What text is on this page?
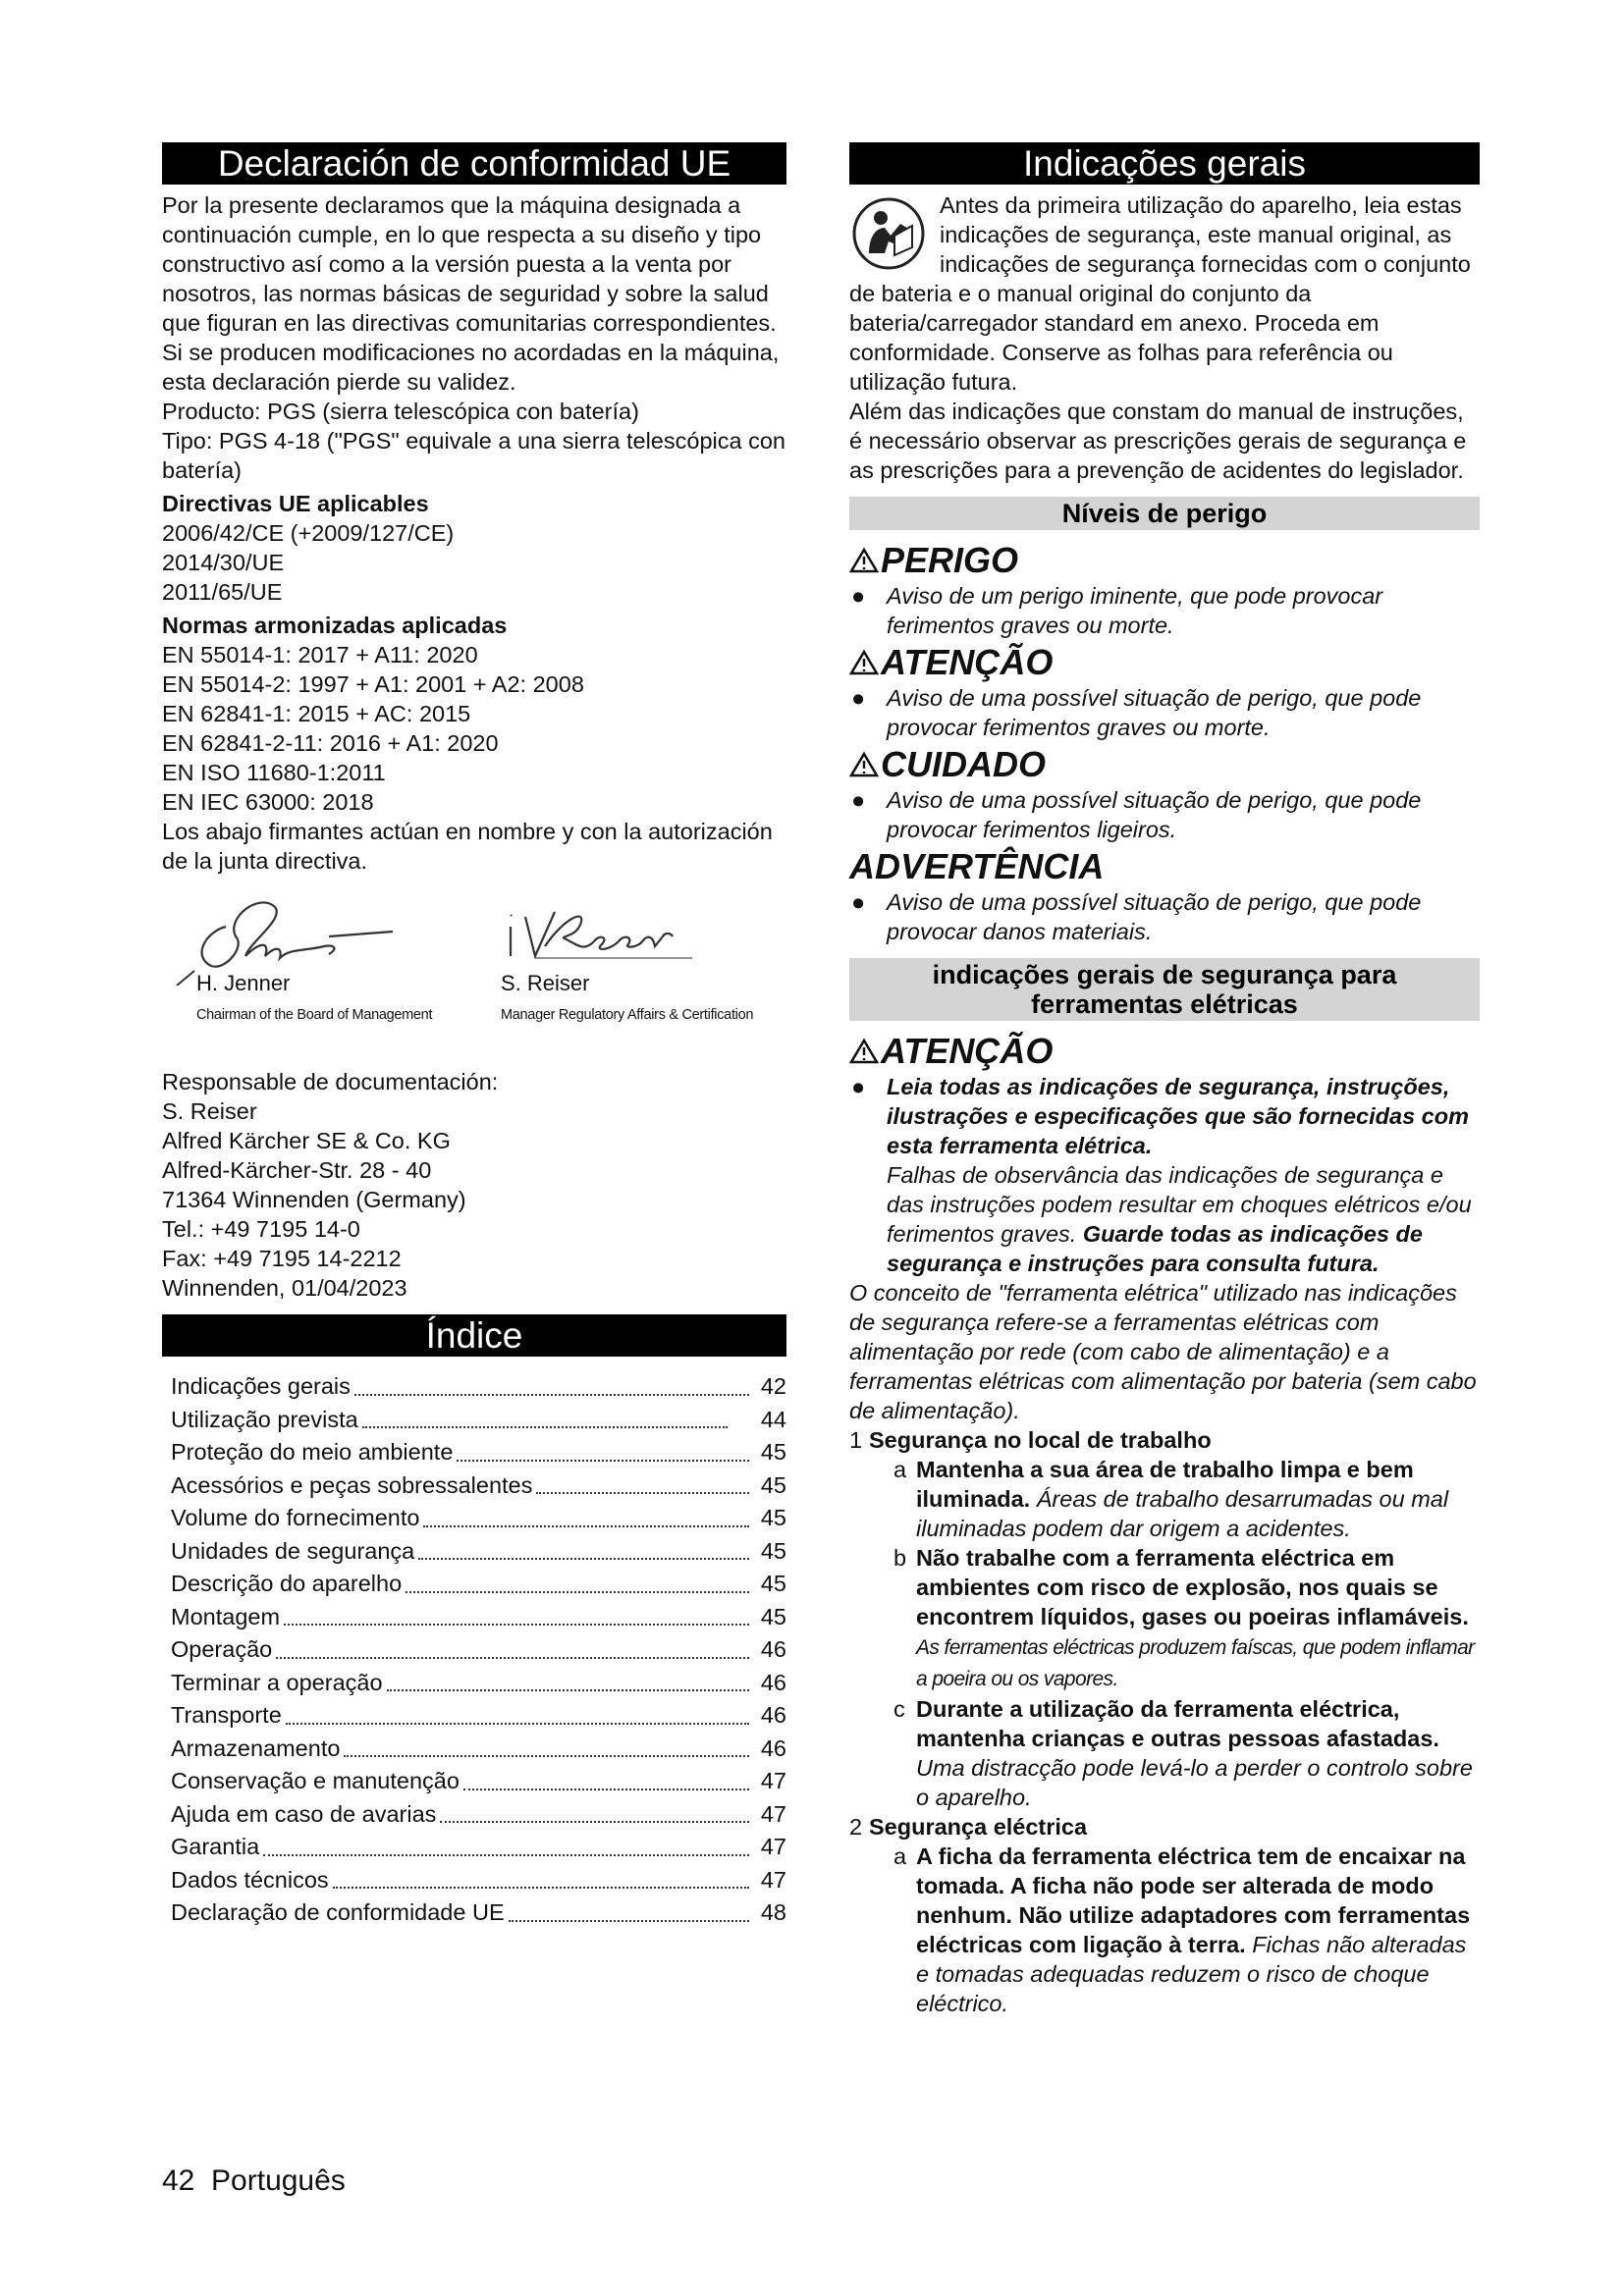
Declaración de conformidad UE

Por la presente declaramos que la máquina designada a continuación cumple, en lo que respecta a su diseño y tipo constructivo así como a la versión puesta a la venta por nosotros, las normas básicas de seguridad y sobre la salud que figuran en las directivas comunitarias correspondientes. Si se producen modificaciones no acordadas en la máquina, esta declaración pierde su validez.

Producto: PGS (sierra telescópica con batería)

Tipo: PGS 4-18 ("PGS" equivale a una sierra telescópica con batería)

Directivas UE aplicables

2006/42/CE (+2009/127/CE)

2014/30/UE

2011/65/UE

Normas armonizadas aplicadas

EN 55014-1: 2017 + A11: 2020

EN 55014-2: 1997 + A1: 2001 + A2: 2008

EN 62841-1: 2015 + AC: 2015

EN 62841-2-11: 2016 + A1: 2020

EN ISO 11680-1:2011

EN IEC 63000: 2018

Los abajo firmantes actúan en nombre y con la autorización de la junta directiva.

H. Jenner
Chairman of the Board of Management
S. Reiser
Manager Regulatory Affairs & Certification

Responsable de documentación:

S. Reiser

Alfred Kärcher SE & Co. KG

Alfred-Kärcher-Str. 28 - 40

71364 Winnenden (Germany)

Tel.: +49 7195 14-0

Fax: +49 7195 14-2212

Winnenden, 01/04/2023

Índice
Indicações gerais	42
Utilização prevista	44
Proteção do meio ambiente	45
Acessórios e peças sobressalentes	45
Volume do fornecimento	45
Unidades de segurança	45
Descrição do aparelho	45
Montagem	45
Operação	46
Terminar a operação	46
Transporte	46
Armazenamento	46
Conservação e manutenção	47
Ajuda em caso de avarias	47
Garantia	47
Dados técnicos	47
Declaração de conformidade UE	48
Indicações gerais

Antes da primeira utilização do aparelho, leia estas indicações de segurança, este manual original, as indicações de segurança fornecidas com o conjunto de bateria e o manual original do conjunto da bateria/carregador standard em anexo. Proceda em conformidade. Conserve as folhas para referência ou utilização futura.

Além das indicações que constam do manual de instruções, é necessário observar as prescrições gerais de segurança e as prescrições para a prevenção de acidentes do legislador.

Níveis de perigo
PERIGO
● Aviso de um perigo iminente, que pode provocar ferimentos graves ou morte.
ATENÇÃO
● Aviso de uma possível situação de perigo, que pode provocar ferimentos graves ou morte.
CUIDADO
● Aviso de uma possível situação de perigo, que pode provocar ferimentos ligeiros.
ADVERTÊNCIA
● Aviso de uma possível situação de perigo, que pode provocar danos materiais.
indicações gerais de segurança para ferramentas elétricas
ATENÇÃO
● Leia todas as indicações de segurança, instruções, ilustrações e especificações que são fornecidas com esta ferramenta elétrica.
Falhas de observância das indicações de segurança e das instruções podem resultar em choques elétricos e/ou ferimentos graves. Guarde todas as indicações de segurança e instruções para consulta futura.

O conceito de "ferramenta elétrica" utilizado nas indicações de segurança refere-se a ferramentas elétricas com alimentação por rede (com cabo de alimentação) e a ferramentas elétricas com alimentação por bateria (sem cabo de alimentação).

1 Segurança no local de trabalho
a Mantenha a sua área de trabalho limpa e bem iluminada. Áreas de trabalho desarrumadas ou mal iluminadas podem dar origem a acidentes.
b Não trabalhe com a ferramenta eléctrica em ambientes com risco de explosão, nos quais se encontrem líquidos, gases ou poeiras inflamáveis. As ferramentas eléctricas produzem faíscas, que podem inflamar a poeira ou os vapores.
c Durante a utilização da ferramenta eléctrica, mantenha crianças e outras pessoas afastadas. Uma distracção pode levá-lo a perder o controlo sobre o aparelho.
2 Segurança eléctrica
a A ficha da ferramenta eléctrica tem de encaixar na tomada. A ficha não pode ser alterada de modo nenhum. Não utilize adaptadores com ferramentas eléctricas com ligação à terra. Fichas não alteradas e tomadas adequadas reduzem o risco de choque eléctrico.
42 Português
